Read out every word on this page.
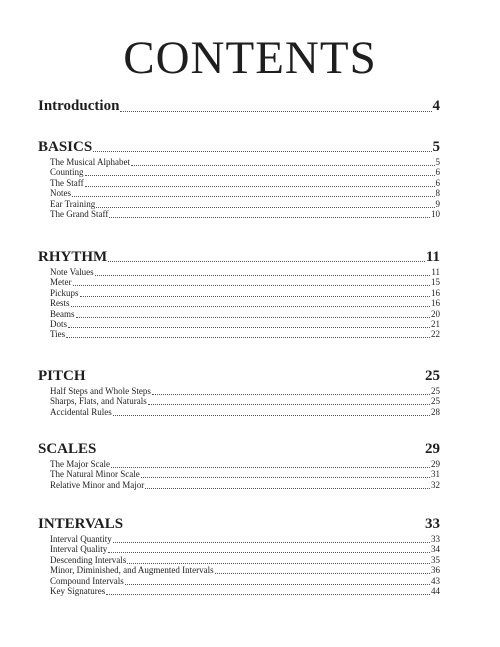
CONTENTS
Introduction	4
BASICS	5
The Musical Alphabet	5
Counting	6
The Staff	6
Notes	8
Ear Training	9
The Grand Staff	10
RHYTHM	11
Note Values	11
Meter	15
Pickups	16
Rests	16
Beams	20
Dots	21
Ties	22
PITCH	25
Half Steps and Whole Steps	25
Sharps, Flats, and Naturals	25
Accidental Rules	28
SCALES	29
The Major Scale	29
The Natural Minor Scale	31
Relative Minor and Major	32
INTERVALS	33
Interval Quantity	33
Interval Quality	34
Descending Intervals	35
Minor, Diminished, and Augmented Intervals	36
Compound Intervals	43
Key Signatures	44
